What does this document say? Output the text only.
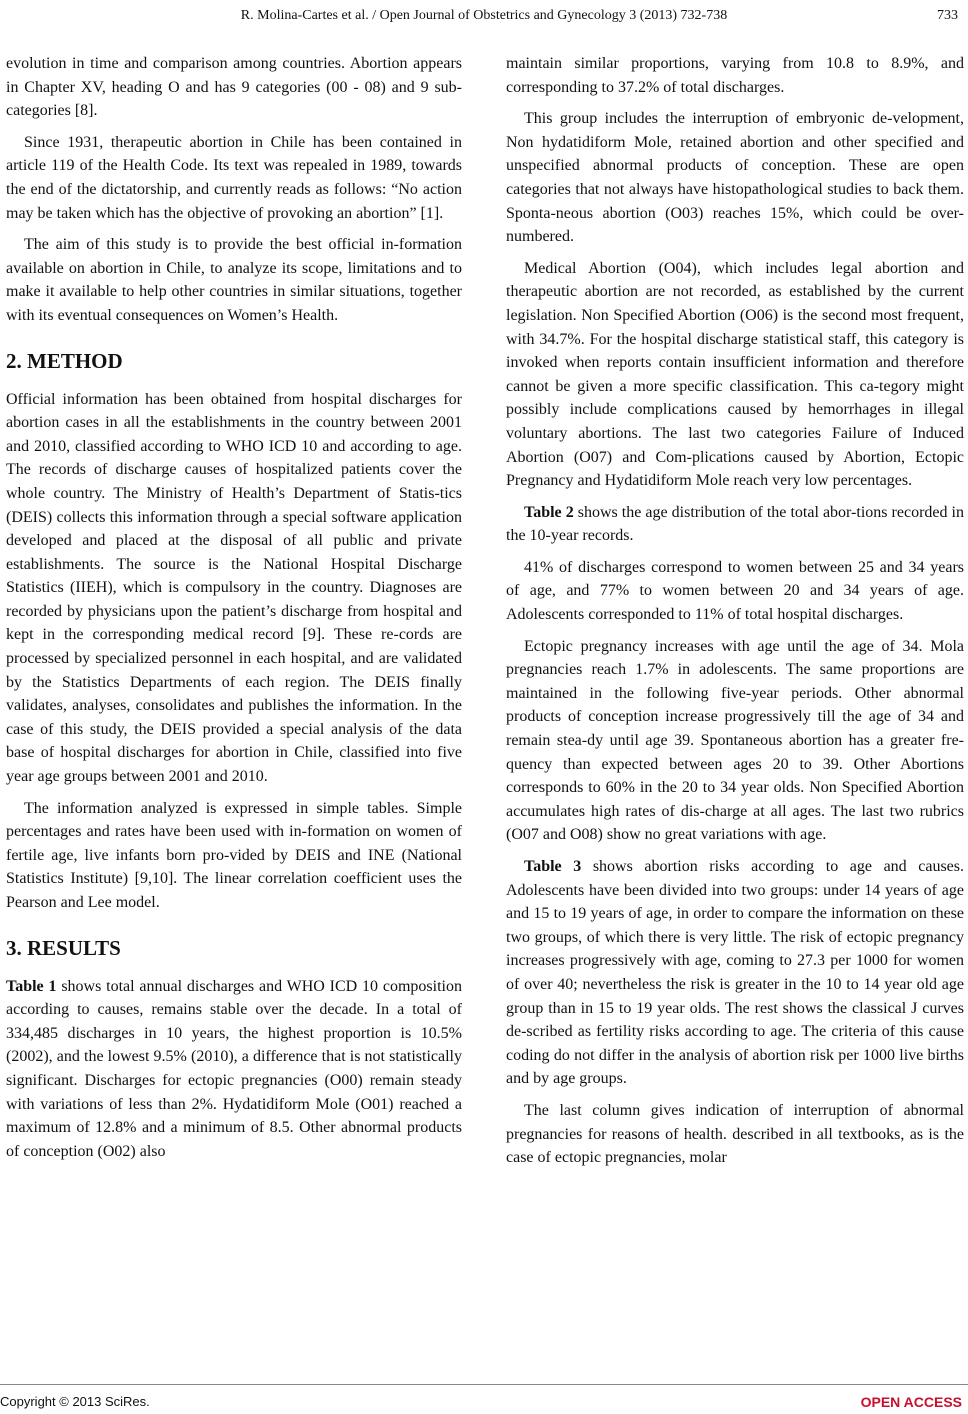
R. Molina-Cartes et al. / Open Journal of Obstetrics and Gynecology 3 (2013) 732-738	733

evolution in time and comparison among countries. Abortion appears in Chapter XV, heading O and has 9 categories (00 - 08) and 9 sub-categories [8].

Since 1931, therapeutic abortion in Chile has been contained in article 119 of the Health Code. Its text was repealed in 1989, towards the end of the dictatorship, and currently reads as follows: “No action may be taken which has the objective of provoking an abortion” [1].

The aim of this study is to provide the best official in-formation available on abortion in Chile, to analyze its scope, limitations and to make it available to help other countries in similar situations, together with its eventual consequences on Women’s Health.

2. METHOD

Official information has been obtained from hospital discharges for abortion cases in all the establishments in the country between 2001 and 2010, classified according to WHO ICD 10 and according to age. The records of discharge causes of hospitalized patients cover the whole country. The Ministry of Health’s Department of Statis-tics (DEIS) collects this information through a special software application developed and placed at the disposal of all public and private establishments. The source is the National Hospital Discharge Statistics (IIEH), which is compulsory in the country. Diagnoses are recorded by physicians upon the patient’s discharge from hospital and kept in the corresponding medical record [9]. These re-cords are processed by specialized personnel in each hospital, and are validated by the Statistics Departments of each region. The DEIS finally validates, analyses, consolidates and publishes the information. In the case of this study, the DEIS provided a special analysis of the data base of hospital discharges for abortion in Chile, classified into five year age groups between 2001 and 2010.

The information analyzed is expressed in simple tables. Simple percentages and rates have been used with in-formation on women of fertile age, live infants born pro-vided by DEIS and INE (National Statistics Institute) [9,10]. The linear correlation coefficient uses the Pearson and Lee model.

3. RESULTS

Table 1 shows total annual discharges and WHO ICD 10 composition according to causes, remains stable over the decade. In a total of 334,485 discharges in 10 years, the highest proportion is 10.5% (2002), and the lowest 9.5% (2010), a difference that is not statistically significant. Discharges for ectopic pregnancies (O00) remain steady with variations of less than 2%. Hydatidiform Mole (O01) reached a maximum of 12.8% and a minimum of 8.5. Other abnormal products of conception (O02) also

maintain similar proportions, varying from 10.8 to 8.9%, and corresponding to 37.2% of total discharges.

This group includes the interruption of embryonic de-velopment, Non hydatidiform Mole, retained abortion and other specified and unspecified abnormal products of conception. These are open categories that not always have histopathological studies to back them. Sponta-neous abortion (O03) reaches 15%, which could be over-numbered.

Medical Abortion (O04), which includes legal abortion and therapeutic abortion are not recorded, as established by the current legislation. Non Specified Abortion (O06) is the second most frequent, with 34.7%. For the hospital discharge statistical staff, this category is invoked when reports contain insufficient information and therefore cannot be given a more specific classification. This ca-tegory might possibly include complications caused by hemorrhages in illegal voluntary abortions. The last two categories Failure of Induced Abortion (O07) and Com-plications caused by Abortion, Ectopic Pregnancy and Hydatidiform Mole reach very low percentages.

Table 2 shows the age distribution of the total abor-tions recorded in the 10-year records.

41% of discharges correspond to women between 25 and 34 years of age, and 77% to women between 20 and 34 years of age. Adolescents corresponded to 11% of total hospital discharges.

Ectopic pregnancy increases with age until the age of 34. Mola pregnancies reach 1.7% in adolescents. The same proportions are maintained in the following five-year periods. Other abnormal products of conception increase progressively till the age of 34 and remain stea-dy until age 39. Spontaneous abortion has a greater fre-quency than expected between ages 20 to 39. Other Abortions corresponds to 60% in the 20 to 34 year olds. Non Specified Abortion accumulates high rates of dis-charge at all ages. The last two rubrics (O07 and O08) show no great variations with age.

Table 3 shows abortion risks according to age and causes. Adolescents have been divided into two groups: under 14 years of age and 15 to 19 years of age, in order to compare the information on these two groups, of which there is very little. The risk of ectopic pregnancy increases progressively with age, coming to 27.3 per 1000 for women of over 40; nevertheless the risk is greater in the 10 to 14 year old age group than in 15 to 19 year olds. The rest shows the classical J curves de-scribed as fertility risks according to age. The criteria of this cause coding do not differ in the analysis of abortion risk per 1000 live births and by age groups.

The last column gives indication of interruption of abnormal pregnancies for reasons of health. described in all textbooks, as is the case of ectopic pregnancies, molar

Copyright © 2013 SciRes.	OPEN ACCESS
